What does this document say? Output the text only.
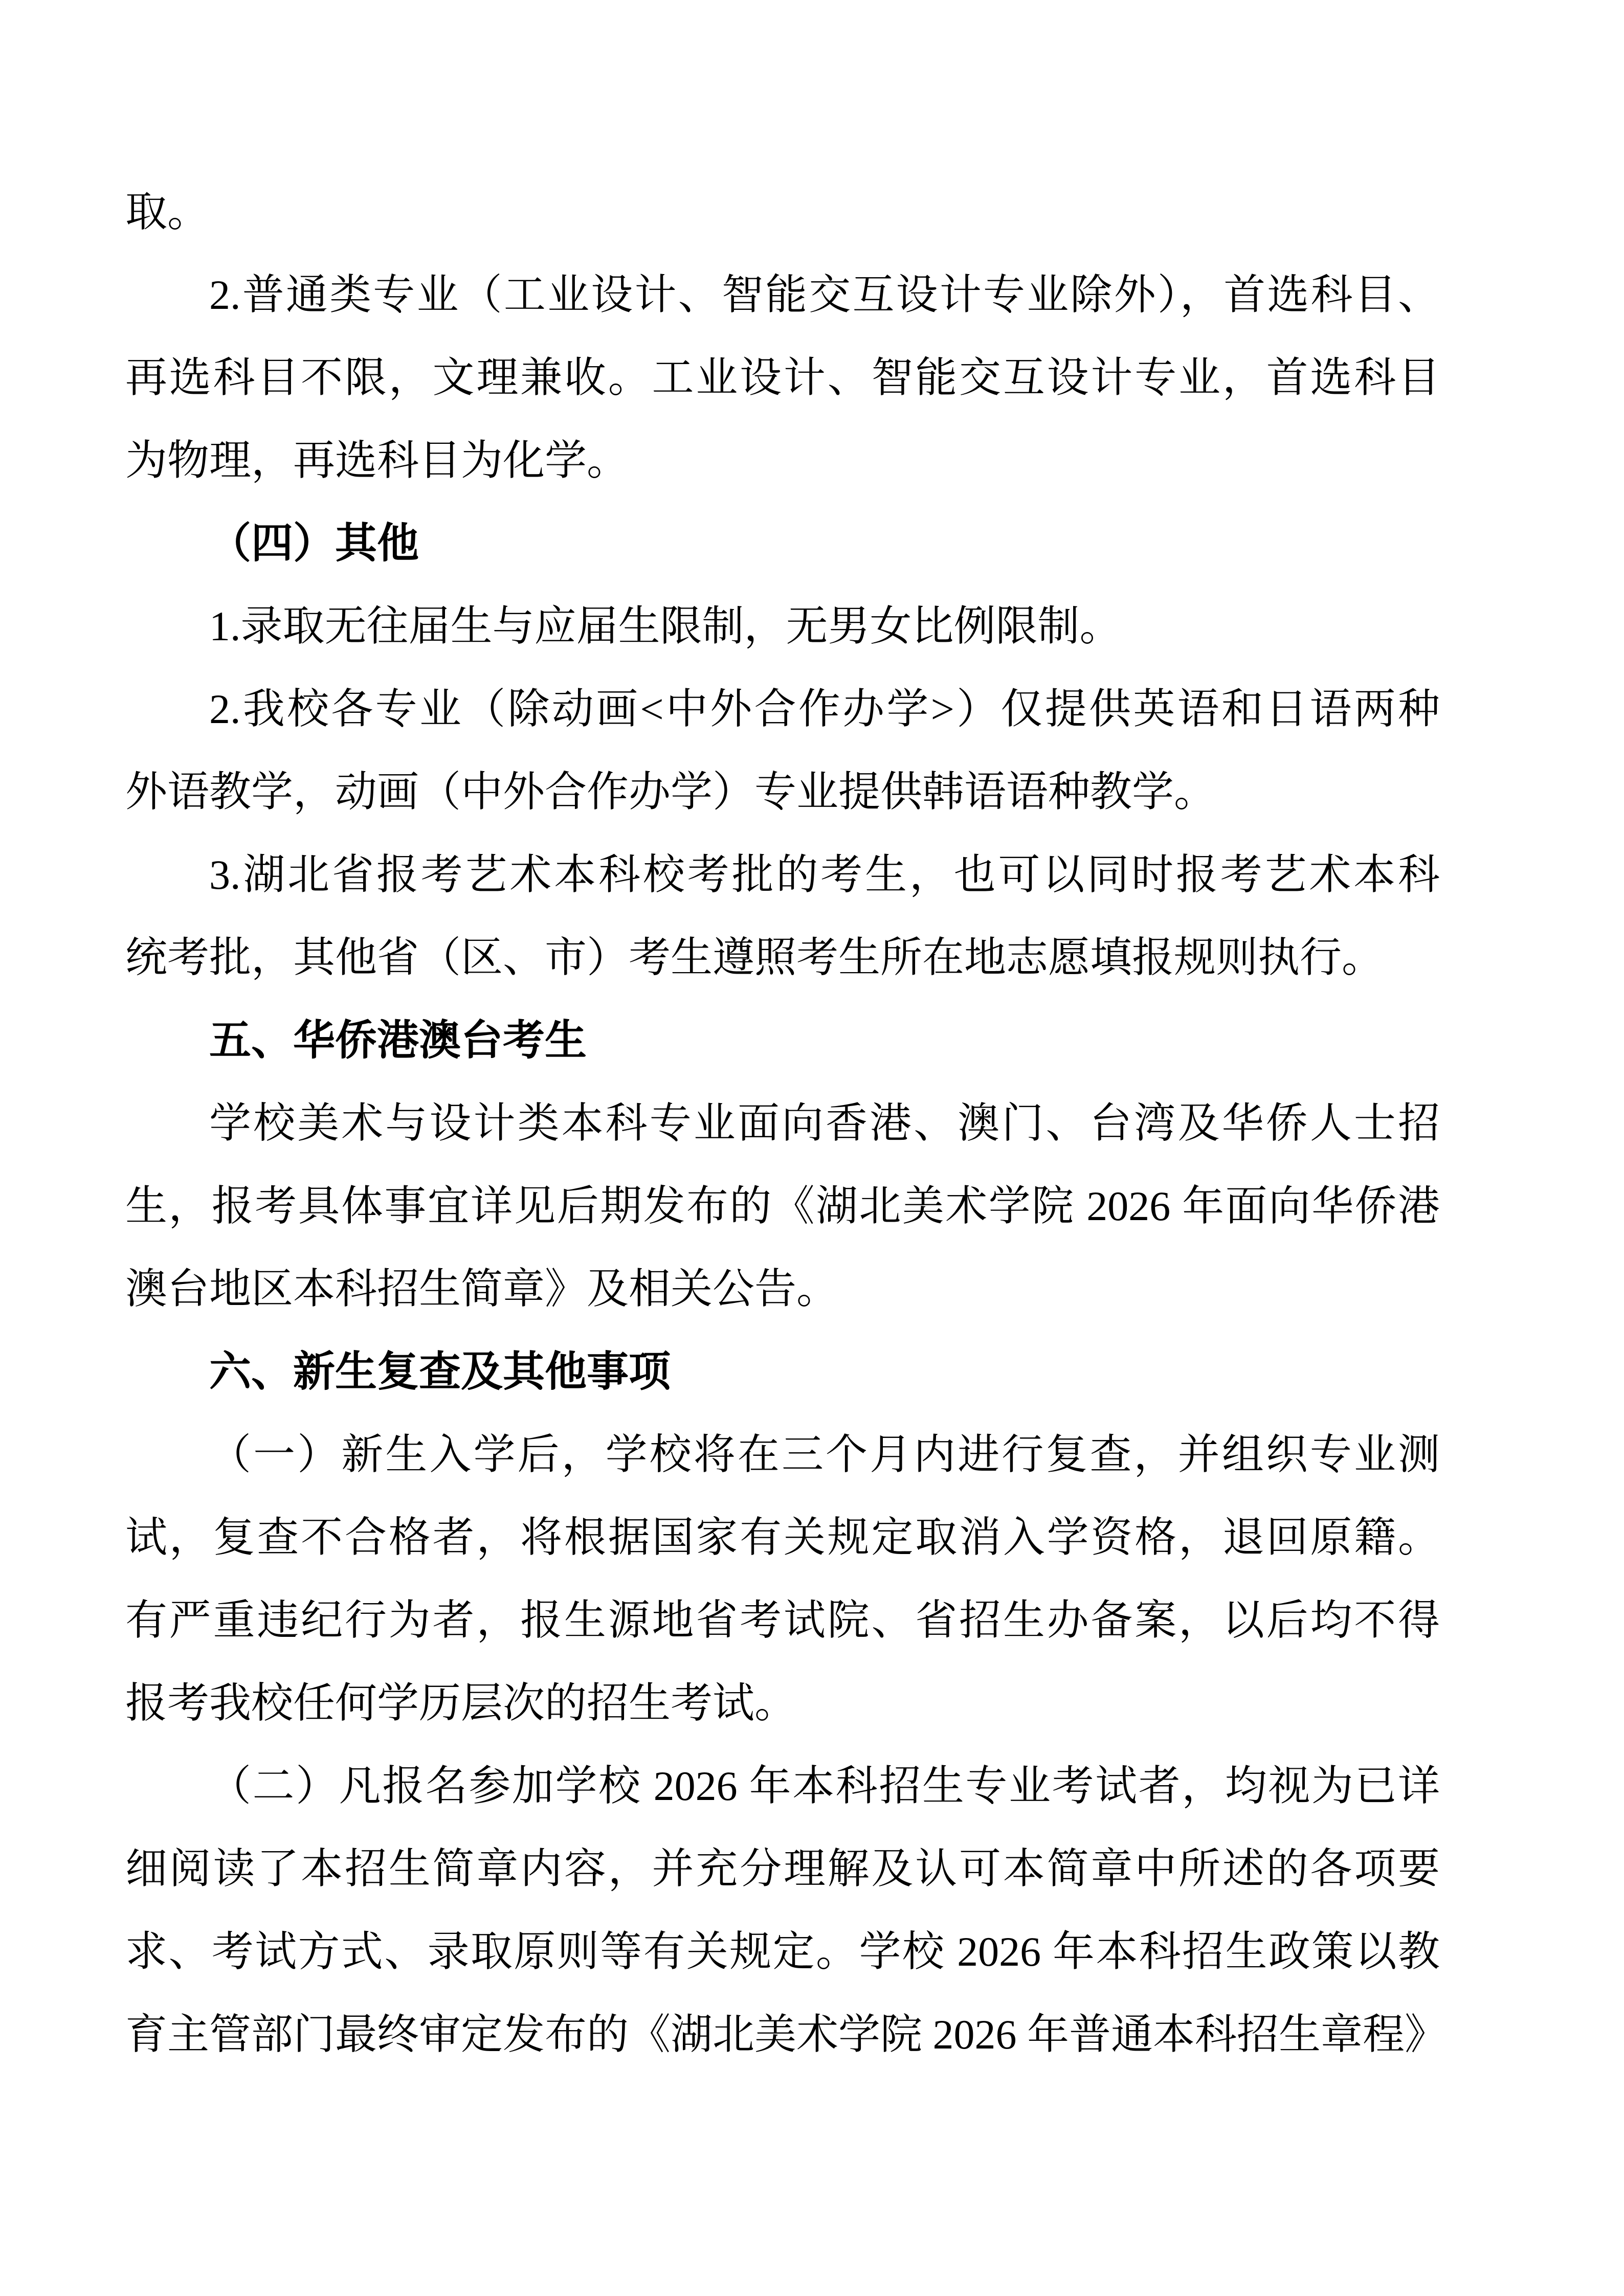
取。
2.普通类专业（工业设计、智能交互设计专业除外），首选科目、
再选科目不限，文理兼收。工业设计、智能交互设计专业，首选科目
为物理，再选科目为化学。
（四）其他
1.录取无往届生与应届生限制，无男女比例限制。
2.我校各专业（除动画<中外合作办学>）仅提供英语和日语两种
外语教学，动画（中外合作办学）专业提供韩语语种教学。
3.湖北省报考艺术本科校考批的考生，也可以同时报考艺术本科
统考批，其他省（区、市）考生遵照考生所在地志愿填报规则执行。
五、华侨港澳台考生
学校美术与设计类本科专业面向香港、澳门、台湾及华侨人士招
生，报考具体事宜详见后期发布的《湖北美术学院 2026 年面向华侨港
澳台地区本科招生简章》及相关公告。
六、新生复查及其他事项
（一）新生入学后，学校将在三个月内进行复查，并组织专业测
试，复查不合格者，将根据国家有关规定取消入学资格，退回原籍。
有严重违纪行为者，报生源地省考试院、省招生办备案，以后均不得
报考我校任何学历层次的招生考试。
（二）凡报名参加学校 2026 年本科招生专业考试者，均视为已详
细阅读了本招生简章内容，并充分理解及认可本简章中所述的各项要
求、考试方式、录取原则等有关规定。学校 2026 年本科招生政策以教
育主管部门最终审定发布的《湖北美术学院 2026 年普通本科招生章程》
